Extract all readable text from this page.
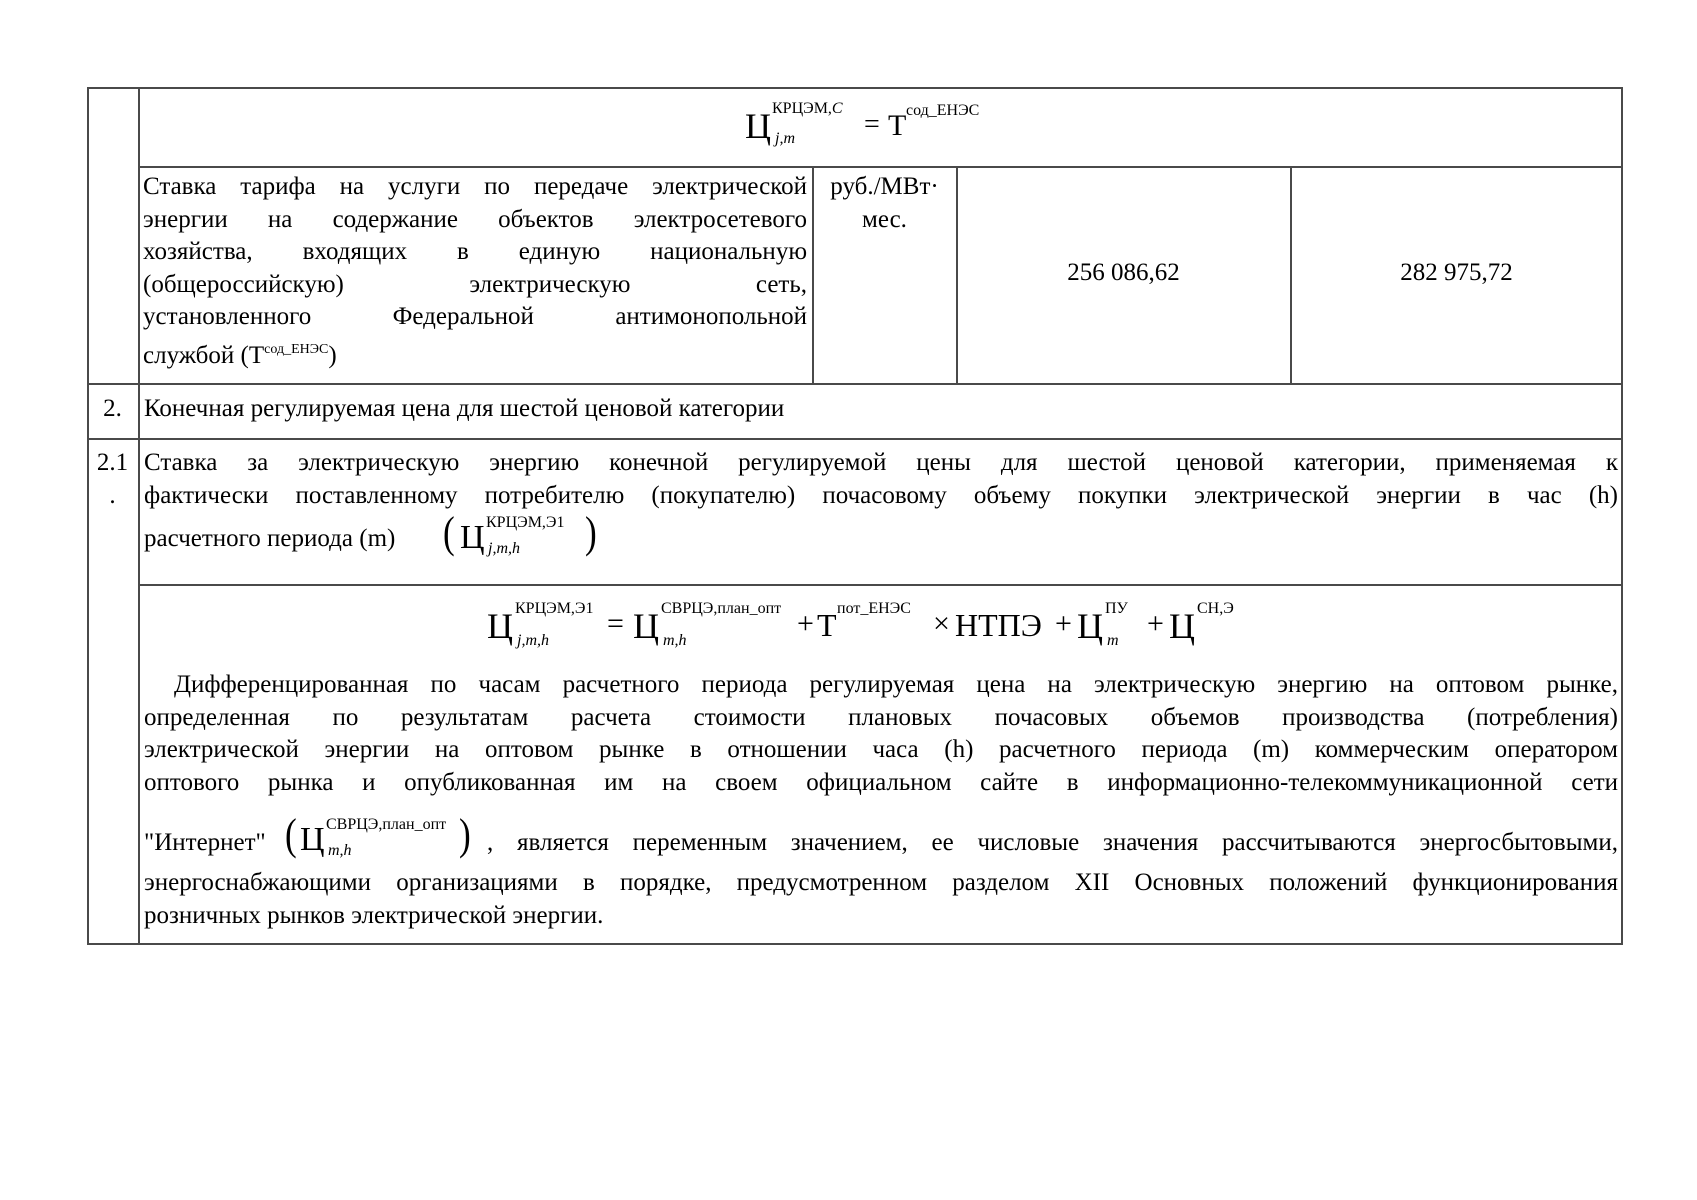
Ц КРЦЭМ,C
j,m = Т сод_ЕНЭС
Ставка тарифа на услуги по передаче электрической
энергии на содержание объектов электросетевого
хозяйства, входящих в единую национальную
(общероссийскую) электрическую сеть,
установленного Федеральной антимонопольной
службой $(Т^{сод\_ЕНЭС})$
руб./МВт·
мес.
256 086,62	282 975,72
2. Конечная регулируемая цена для шестой ценовой категории
2.1
.
Ставка за электрическую энергию конечной регулируемой цены для шестой ценовой категории, применяемая к
фактически поставленному потребителю (покупателю) почасовому объему покупки электрической энергии в час (h)
расчетного периода (m) ( Ц КРЦЭМ,Э1
j,m,h )
Ц КРЦЭМ,Э1
j,m,h
= Ц СВРЦЭ,план_опт
m,h
+ Т пот_ЕНЭС × НТПЭ + Ц ПУ
m
+ Ц СН,Э
Дифференцированная по часам расчетного периода регулируемая цена на электрическую энергию на оптовом рынке,
определенная по результатам расчета стоимости плановых почасовых объемов производства (потребления)
электрической энергии на оптовом рынке в отношении часа (h) расчетного периода (m) коммерческим оператором
оптового рынка и опубликованная им на своем официальном сайте в информационно-телекоммуникационной сети
"Интернет" ( Ц СВРЦЭ,план_опт
m,h ) , является переменным значением, ее числовые значения рассчитываются энергосбытовыми,
энергоснабжающими организациями в порядке, предусмотренном разделом XII Основных положений функционирования
розничных рынков электрической энергии.
